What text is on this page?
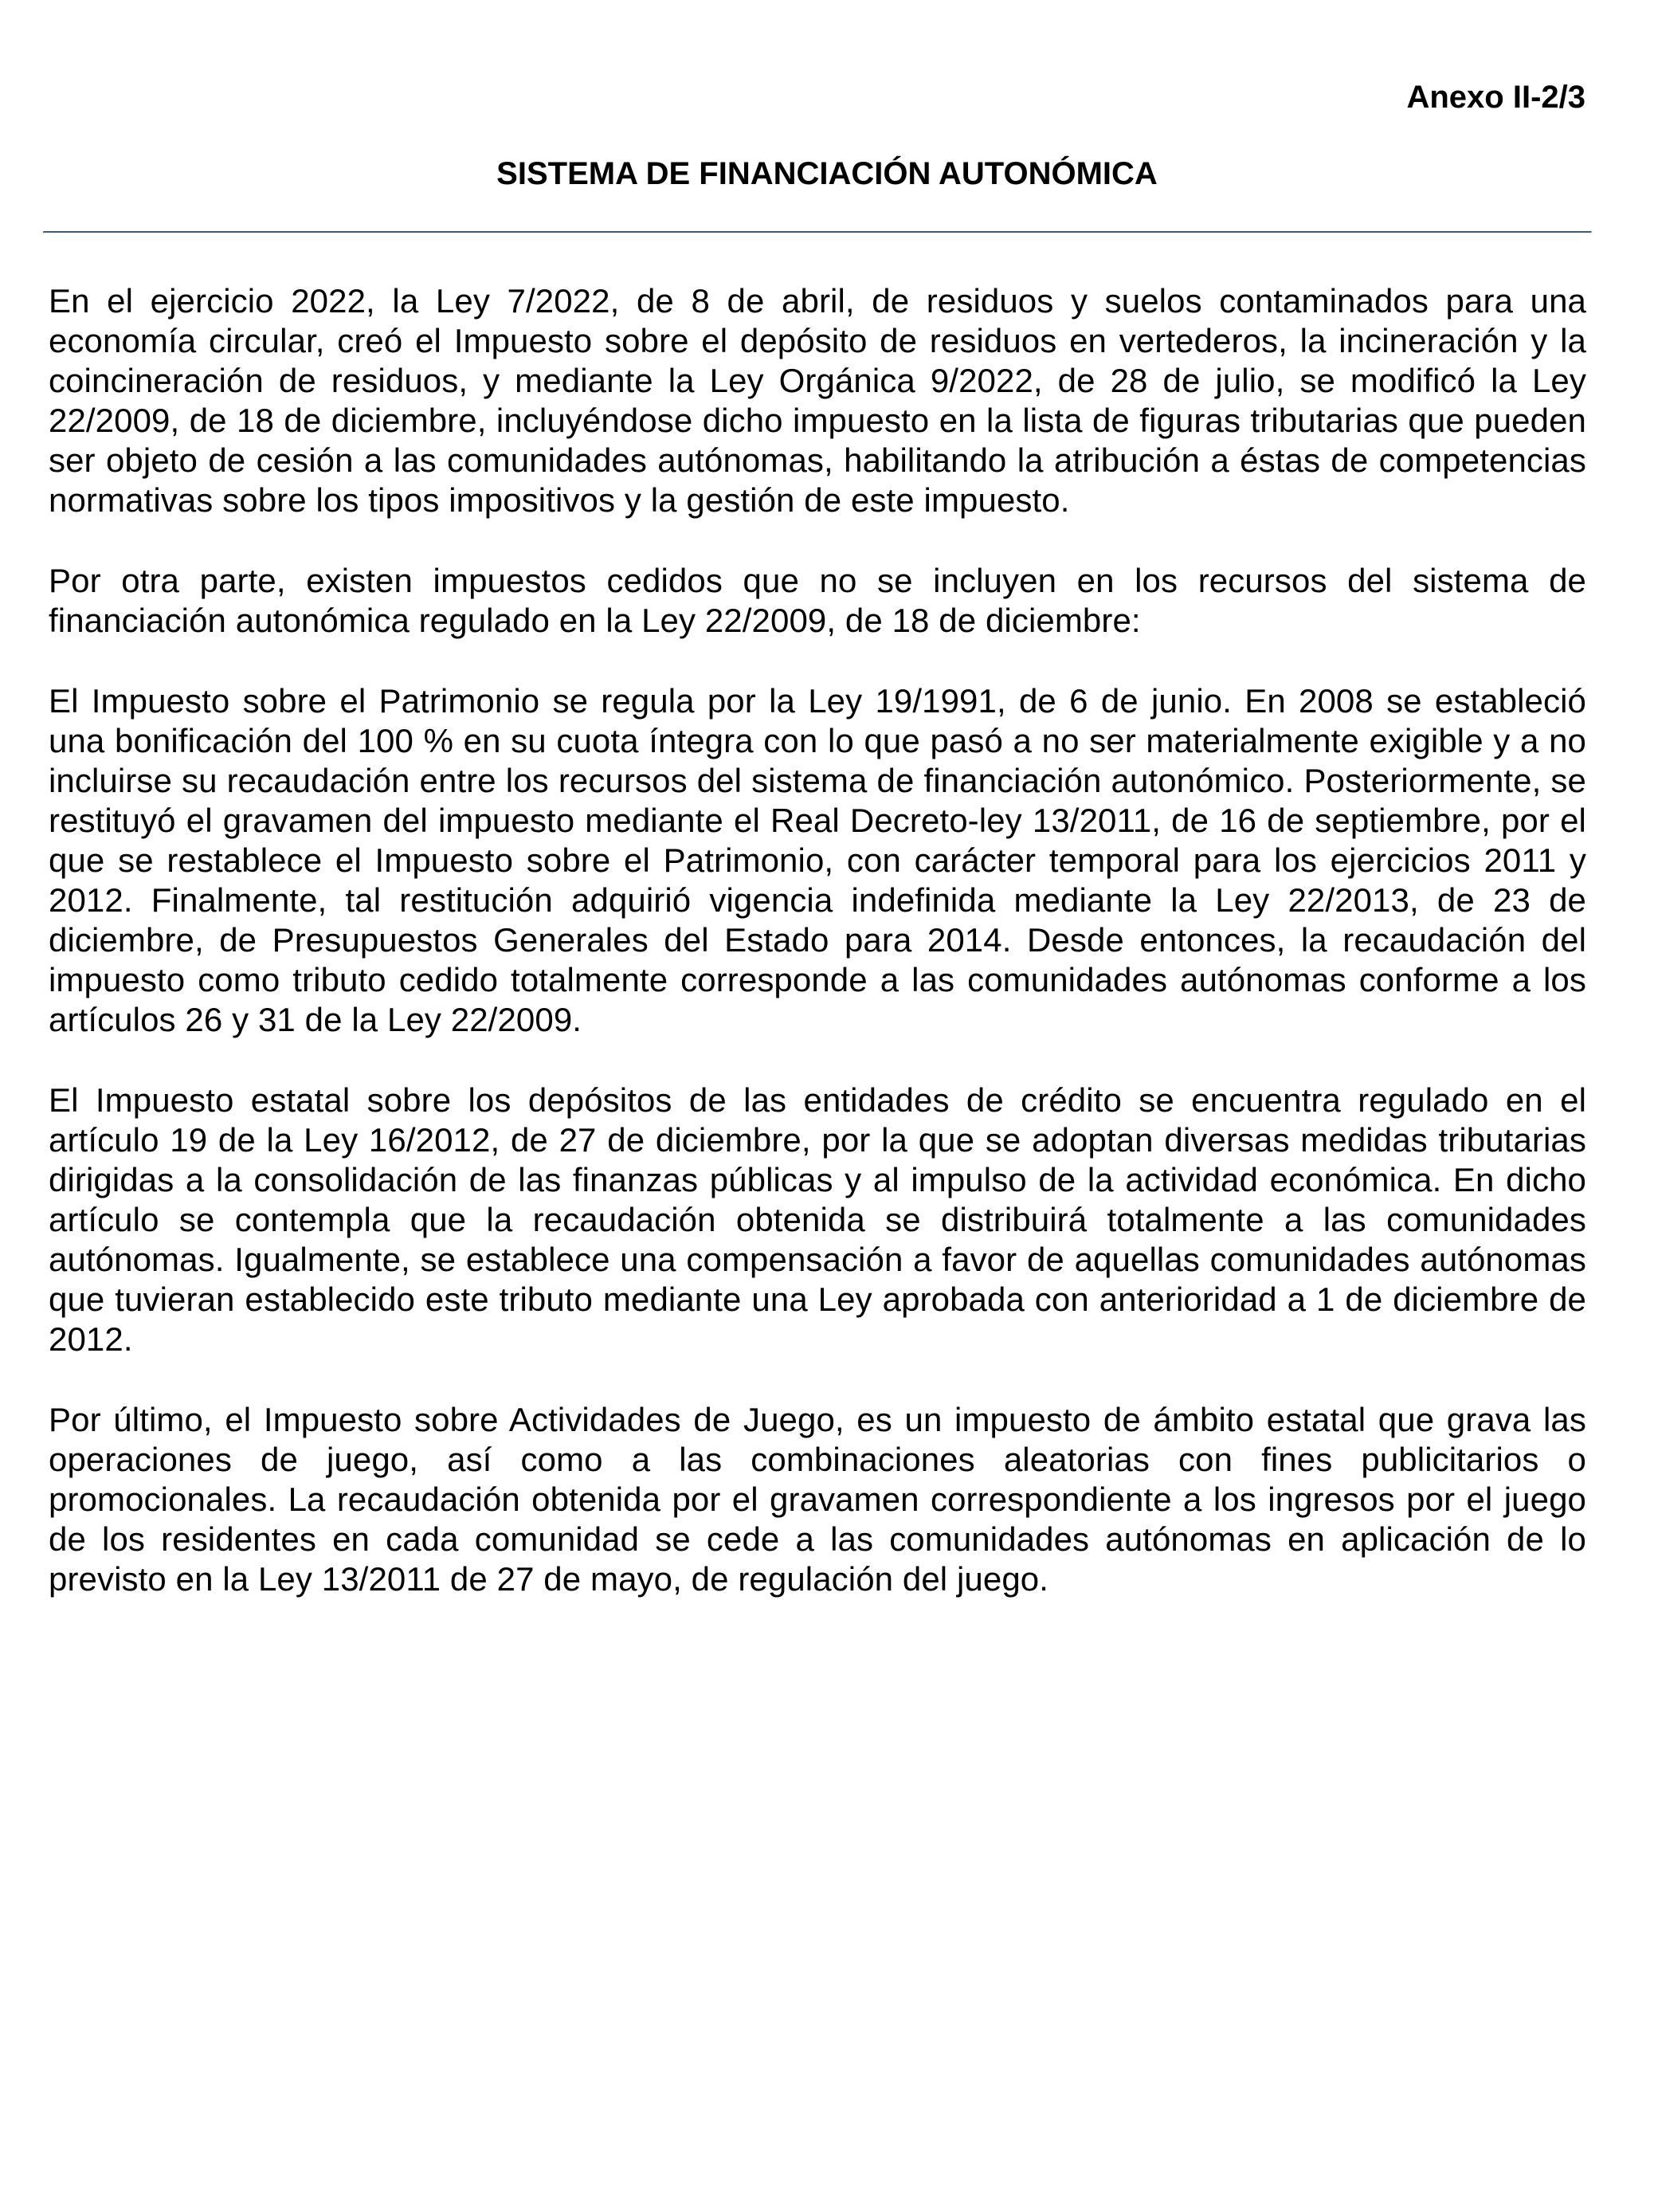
Anexo II-2/3

SISTEMA DE FINANCIACIÓN AUTONÓMICA

En el ejercicio 2022, la Ley 7/2022, de 8 de abril, de residuos y suelos contaminados para una economía circular, creó el Impuesto sobre el depósito de residuos en vertederos, la incineración y la coincineración de residuos, y mediante la Ley Orgánica 9/2022, de 28 de julio, se modificó la Ley 22/2009, de 18 de diciembre, incluyéndose dicho impuesto en la lista de figuras tributarias que pueden ser objeto de cesión a las comunidades autónomas, habilitando la atribución a éstas de competencias normativas sobre los tipos impositivos y la gestión de este impuesto.

Por otra parte, existen impuestos cedidos que no se incluyen en los recursos del sistema de financiación autonómica regulado en la Ley 22/2009, de 18 de diciembre:

El Impuesto sobre el Patrimonio se regula por la Ley 19/1991, de 6 de junio. En 2008 se estableció una bonificación del 100 % en su cuota íntegra con lo que pasó a no ser materialmente exigible y a no incluirse su recaudación entre los recursos del sistema de financiación autonómico. Posteriormente, se restituyó el gravamen del impuesto mediante el Real Decreto-ley 13/2011, de 16 de septiembre, por el que se restablece el Impuesto sobre el Patrimonio, con carácter temporal para los ejercicios 2011 y 2012. Finalmente, tal restitución adquirió vigencia indefinida mediante la Ley 22/2013, de 23 de diciembre, de Presupuestos Generales del Estado para 2014. Desde entonces, la recaudación del impuesto como tributo cedido totalmente corresponde a las comunidades autónomas conforme a los artículos 26 y 31 de la Ley 22/2009.

El Impuesto estatal sobre los depósitos de las entidades de crédito se encuentra regulado en el artículo 19 de la Ley 16/2012, de 27 de diciembre, por la que se adoptan diversas medidas tributarias dirigidas a la consolidación de las finanzas públicas y al impulso de la actividad económica. En dicho artículo se contempla que la recaudación obtenida se distribuirá totalmente a las comunidades autónomas. Igualmente, se establece una compensación a favor de aquellas comunidades autónomas que tuvieran establecido este tributo mediante una Ley aprobada con anterioridad a 1 de diciembre de 2012.

Por último, el Impuesto sobre Actividades de Juego, es un impuesto de ámbito estatal que grava las operaciones de juego, así como a las combinaciones aleatorias con fines publicitarios o promocionales. La recaudación obtenida por el gravamen correspondiente a los ingresos por el juego de los residentes en cada comunidad se cede a las comunidades autónomas en aplicación de lo previsto en la Ley 13/2011 de 27 de mayo, de regulación del juego.
